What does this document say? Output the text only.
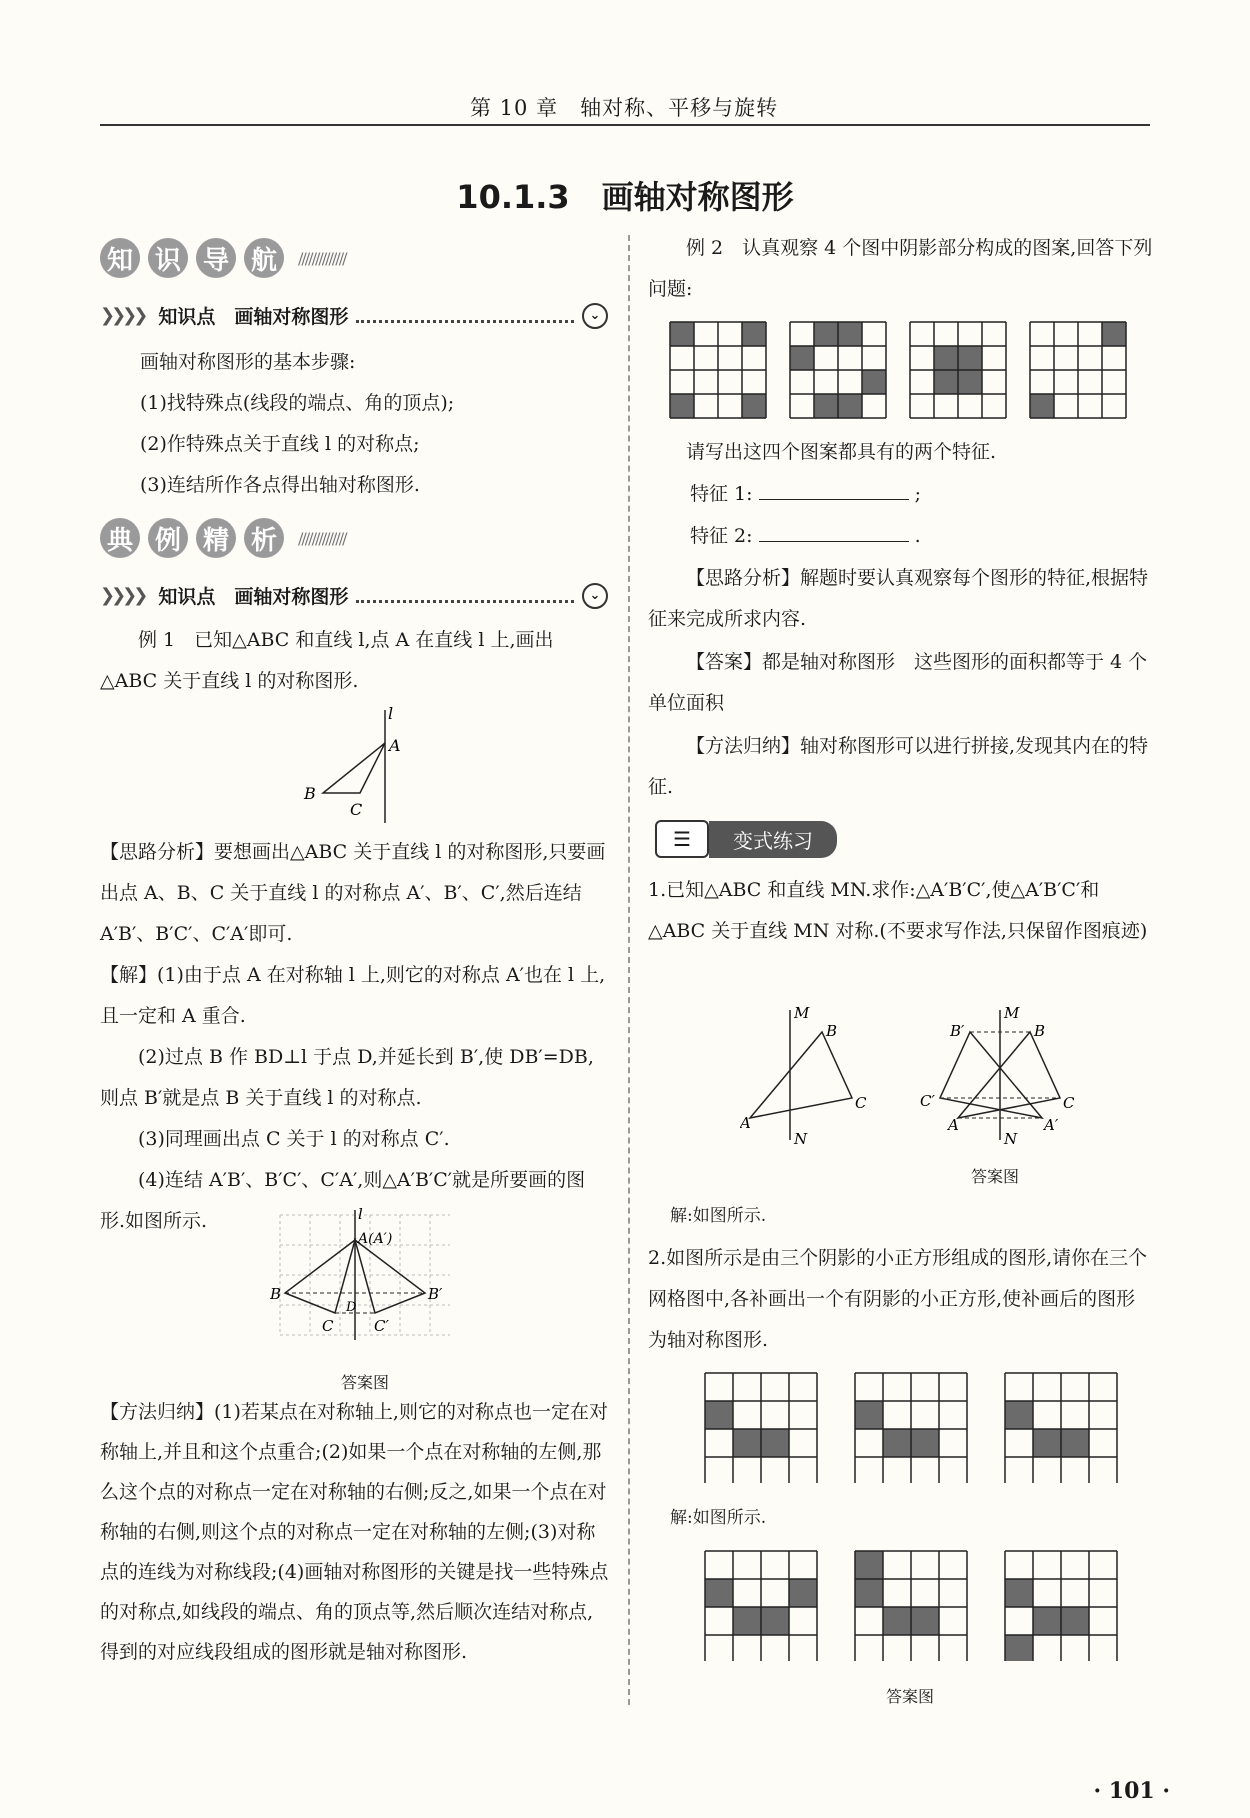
第 10 章　轴对称、平移与旋转
10.1.3　画轴对称图形
知 识 导 航	//////////////
❯❯❯❯ 知识点　画轴对称图形	⌄

画轴对称图形的基本步骤:

(1)找特殊点(线段的端点、角的顶点);

(2)作特殊点关于直线 l 的对称点;

(3)连结所作各点得出轴对称图形.

典 例 精 析	//////////////
❯❯❯❯ 知识点　画轴对称图形	⌄
例 1　已知△ABC 和直线 l,点 A 在直线 l 上,画出△ABC 关于直线 l 的对称图形.
l
A
B
C
【思路分析】要想画出△ABC 关于直线 l 的对称图形,只要画出点 A、B、C 关于直线 l 的对称点 A′、B′、C′,然后连结 A′B′、B′C′、C′A′即可.

【解】(1)由于点 A 在对称轴 l 上,则它的对称点 A′也在 l 上,且一定和 A 重合.

(2)过点 B 作 BD⊥l 于点 D,并延长到 B′,使 DB′=DB,则点 B′就是点 B 关于直线 l 的对称点.

(3)同理画出点 C 关于 l 的对称点 C′.

(4)连结 A′B′、B′C′、C′A′,则△A′B′C′就是所要画的图形.如图所示.	l
A(A′)
B	B′
C
D
C′
答案图
【方法归纳】(1)若某点在对称轴上,则它的对称点也一定在对称轴上,并且和这个点重合;(2)如果一个点在对称轴的左侧,那么这个点的对称点一定在对称轴的右侧;反之,如果一个点在对称轴的右侧,则这个点的对称点一定在对称轴的左侧;(3)对称点的连线为对称线段;(4)画轴对称图形的关键是找一些特殊点的对称点,如线段的端点、角的顶点等,然后顺次连结对称点,得到的对应线段组成的图形就是轴对称图形.
例 2　认真观察 4 个图中阴影部分构成的图案,回答下列问题:
请写出这四个图案都具有的两个特征.
特征 1:	;
特征 2:	.
【思路分析】解题时要认真观察每个图形的特征,根据特征来完成所求内容.
【答案】都是轴对称图形　这些图形的面积都等于 4 个单位面积
【方法归纳】轴对称图形可以进行拼接,发现其内在的特征.
☰	变式练习
1.已知△ABC 和直线 MN.求作:△A′B′C′,使△A′B′C′和△ABC 关于直线 MN 对称.(不要求写作法,只保留作图痕迹)
M
N
B
A
C
M
N
B
B′
A	A′
C
C′
答案图
解:如图所示.
2.如图所示是由三个阴影的小正方形组成的图形,请你在三个网格图中,各补画出一个有阴影的小正方形,使补画后的图形为轴对称图形.
解:如图所示.
答案图
· 101 ·
